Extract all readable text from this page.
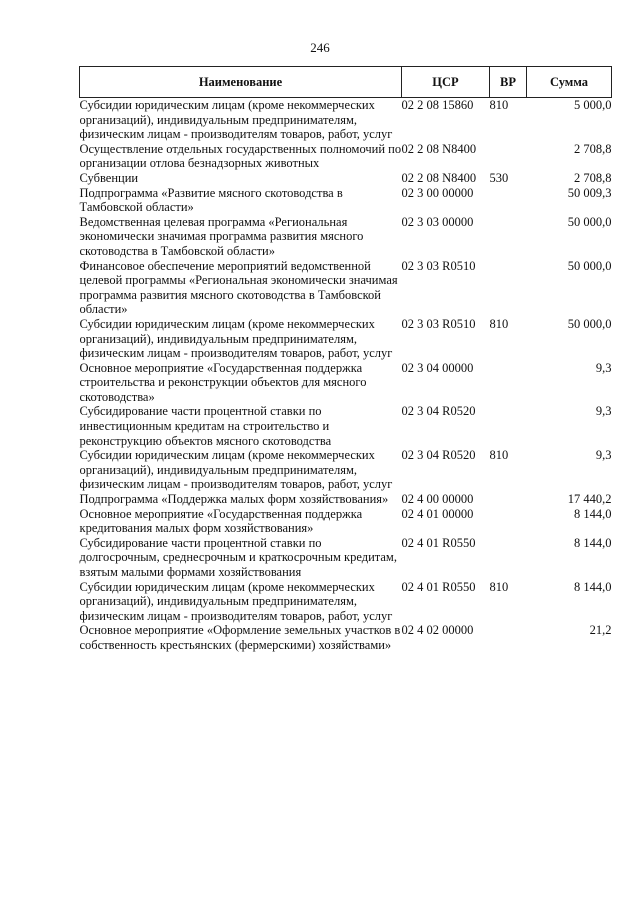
246
Наименование	ЦСР	ВР	Сумма
Субсидии юридическим лицам (кроме некоммерческих организаций), индивидуальным предпринимателям, физическим лицам - производителям товаров, работ, услуг	02 2 08 15860	810	5 000,0
Осуществление отдельных государственных полномочий по организации отлова безнадзорных животных	02 2 08 N8400		2 708,8
Субвенции	02 2 08 N8400	530	2 708,8
Подпрограмма «Развитие мясного скотоводства в Тамбовской области»	02 3 00 00000		50 009,3
Ведомственная целевая программа «Региональная экономически значимая программа развития мясного скотоводства в Тамбовской области»	02 3 03 00000		50 000,0
Финансовое обеспечение мероприятий ведомственной целевой программы «Региональная экономически значимая программа развития мясного скотоводства в Тамбовской области»	02 3 03 R0510		50 000,0
Субсидии юридическим лицам (кроме некоммерческих организаций), индивидуальным предпринимателям, физическим лицам - производителям товаров, работ, услуг	02 3 03 R0510	810	50 000,0
Основное мероприятие «Государственная поддержка строительства и реконструкции объектов для мясного скотоводства»	02 3 04 00000		9,3
Субсидирование части процентной ставки по инвестиционным кредитам на строительство и реконструкцию объектов мясного скотоводства	02 3 04 R0520		9,3
Субсидии юридическим лицам (кроме некоммерческих организаций), индивидуальным предпринимателям, физическим лицам - производителям товаров, работ, услуг	02 3 04 R0520	810	9,3
Подпрограмма «Поддержка малых форм хозяйствования»	02 4 00 00000		17 440,2
Основное мероприятие «Государственная поддержка кредитования малых форм хозяйствования»	02 4 01 00000		8 144,0
Субсидирование части процентной ставки по долгосрочным, среднесрочным и краткосрочным кредитам, взятым малыми формами хозяйствования	02 4 01 R0550		8 144,0
Субсидии юридическим лицам (кроме некоммерческих организаций), индивидуальным предпринимателям, физическим лицам - производителям товаров, работ, услуг	02 4 01 R0550	810	8 144,0
Основное мероприятие «Оформление земельных участков в собственность крестьянских (фермерскими) хозяйствами»	02 4 02 00000		21,2
